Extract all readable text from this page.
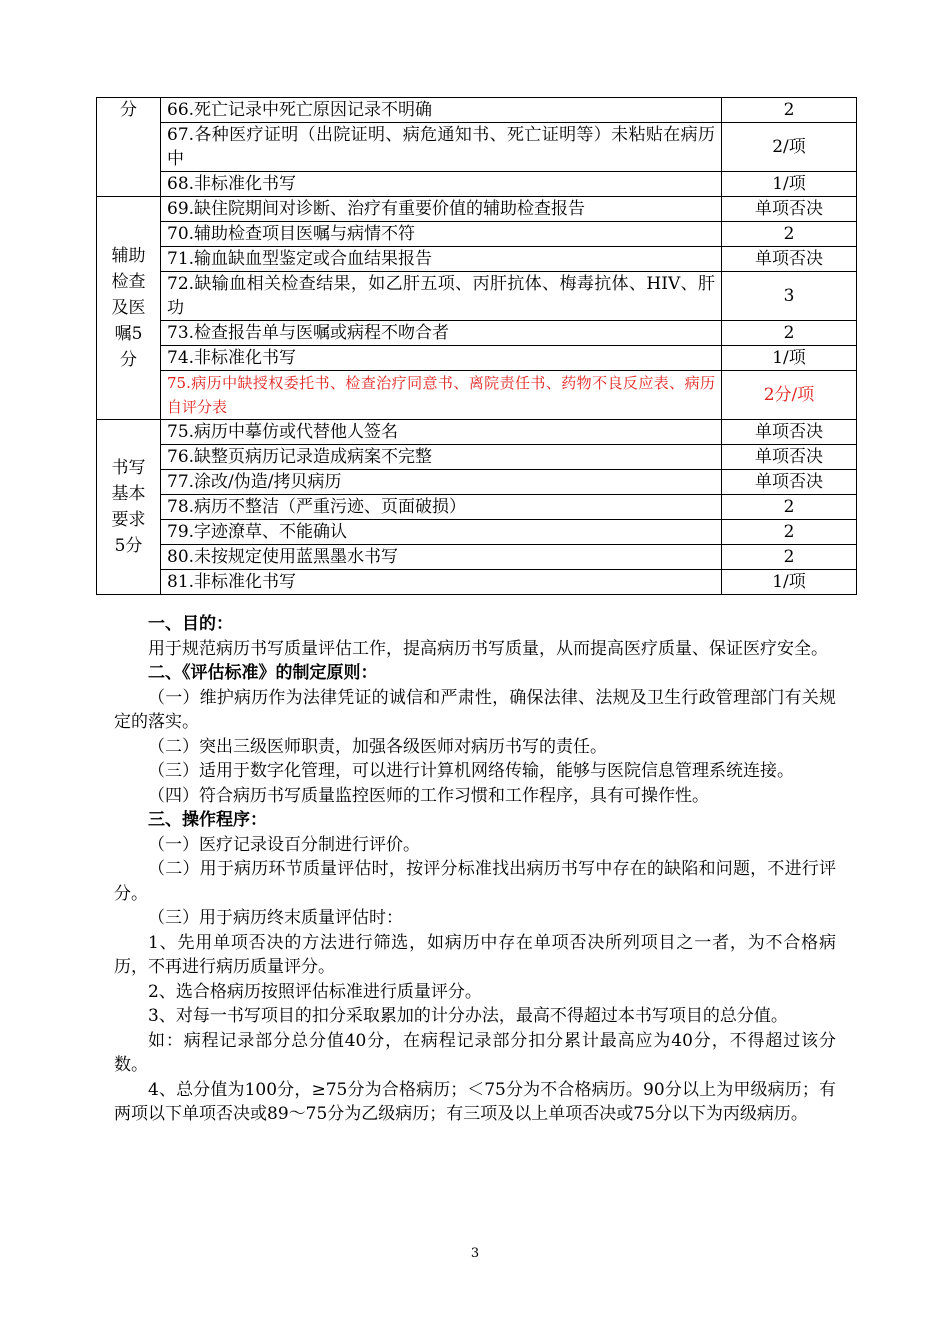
分	66.死亡记录中死亡原因记录不明确	2
	67.各种医疗证明（出院证明、病危通知书、死亡证明等）未粘贴在病历中	2/项
	68.非标准化书写	1/项

辅助检查及医嘱5分	69.缺住院期间对诊断、治疗有重要价值的辅助检查报告	单项否决
	70.辅助检查项目医嘱与病情不符	2
	71.输血缺血型鉴定或合血结果报告	单项否决
	72.缺输血相关检查结果，如乙肝五项、丙肝抗体、梅毒抗体、HIV、肝功	3
	73.检查报告单与医嘱或病程不吻合者	2
	74.非标准化书写	1/项
	75.病历中缺授权委托书、检查治疗同意书、离院责任书、药物不良反应表、病历自评分表	2分/项

书写基本要求5分	75.病历中摹仿或代替他人签名	单项否决
	76.缺整页病历记录造成病案不完整	单项否决
	77.涂改/伪造/拷贝病历	单项否决
	78.病历不整洁（严重污迹、页面破损）	2
	79.字迹潦草、不能确认	2
	80.未按规定使用蓝黑墨水书写	2
	81.非标准化书写	1/项

一、目的：

用于规范病历书写质量评估工作，提高病历书写质量，从而提高医疗质量、保证医疗安全。

二、《评估标准》的制定原则：

（一）维护病历作为法律凭证的诚信和严肃性，确保法律、法规及卫生行政管理部门有关规定的落实。

（二）突出三级医师职责，加强各级医师对病历书写的责任。

（三）适用于数字化管理，可以进行计算机网络传输，能够与医院信息管理系统连接。

（四）符合病历书写质量监控医师的工作习惯和工作程序，具有可操作性。

三、操作程序：

（一）医疗记录设百分制进行评价。

（二）用于病历环节质量评估时，按评分标准找出病历书写中存在的缺陷和问题，不进行评分。

（三）用于病历终末质量评估时：

1、先用单项否决的方法进行筛选，如病历中存在单项否决所列项目之一者，为不合格病历，不再进行病历质量评分。

2、选合格病历按照评估标准进行质量评分。

3、对每一书写项目的扣分采取累加的计分办法，最高不得超过本书写项目的总分值。

如：病程记录部分总分值40分，在病程记录部分扣分累计最高应为40分，不得超过该分数。

4、总分值为100分，≥75分为合格病历；＜75分为不合格病历。90分以上为甲级病历；有两项以下单项否决或89～75分为乙级病历；有三项及以上单项否决或75分以下为丙级病历。

3
